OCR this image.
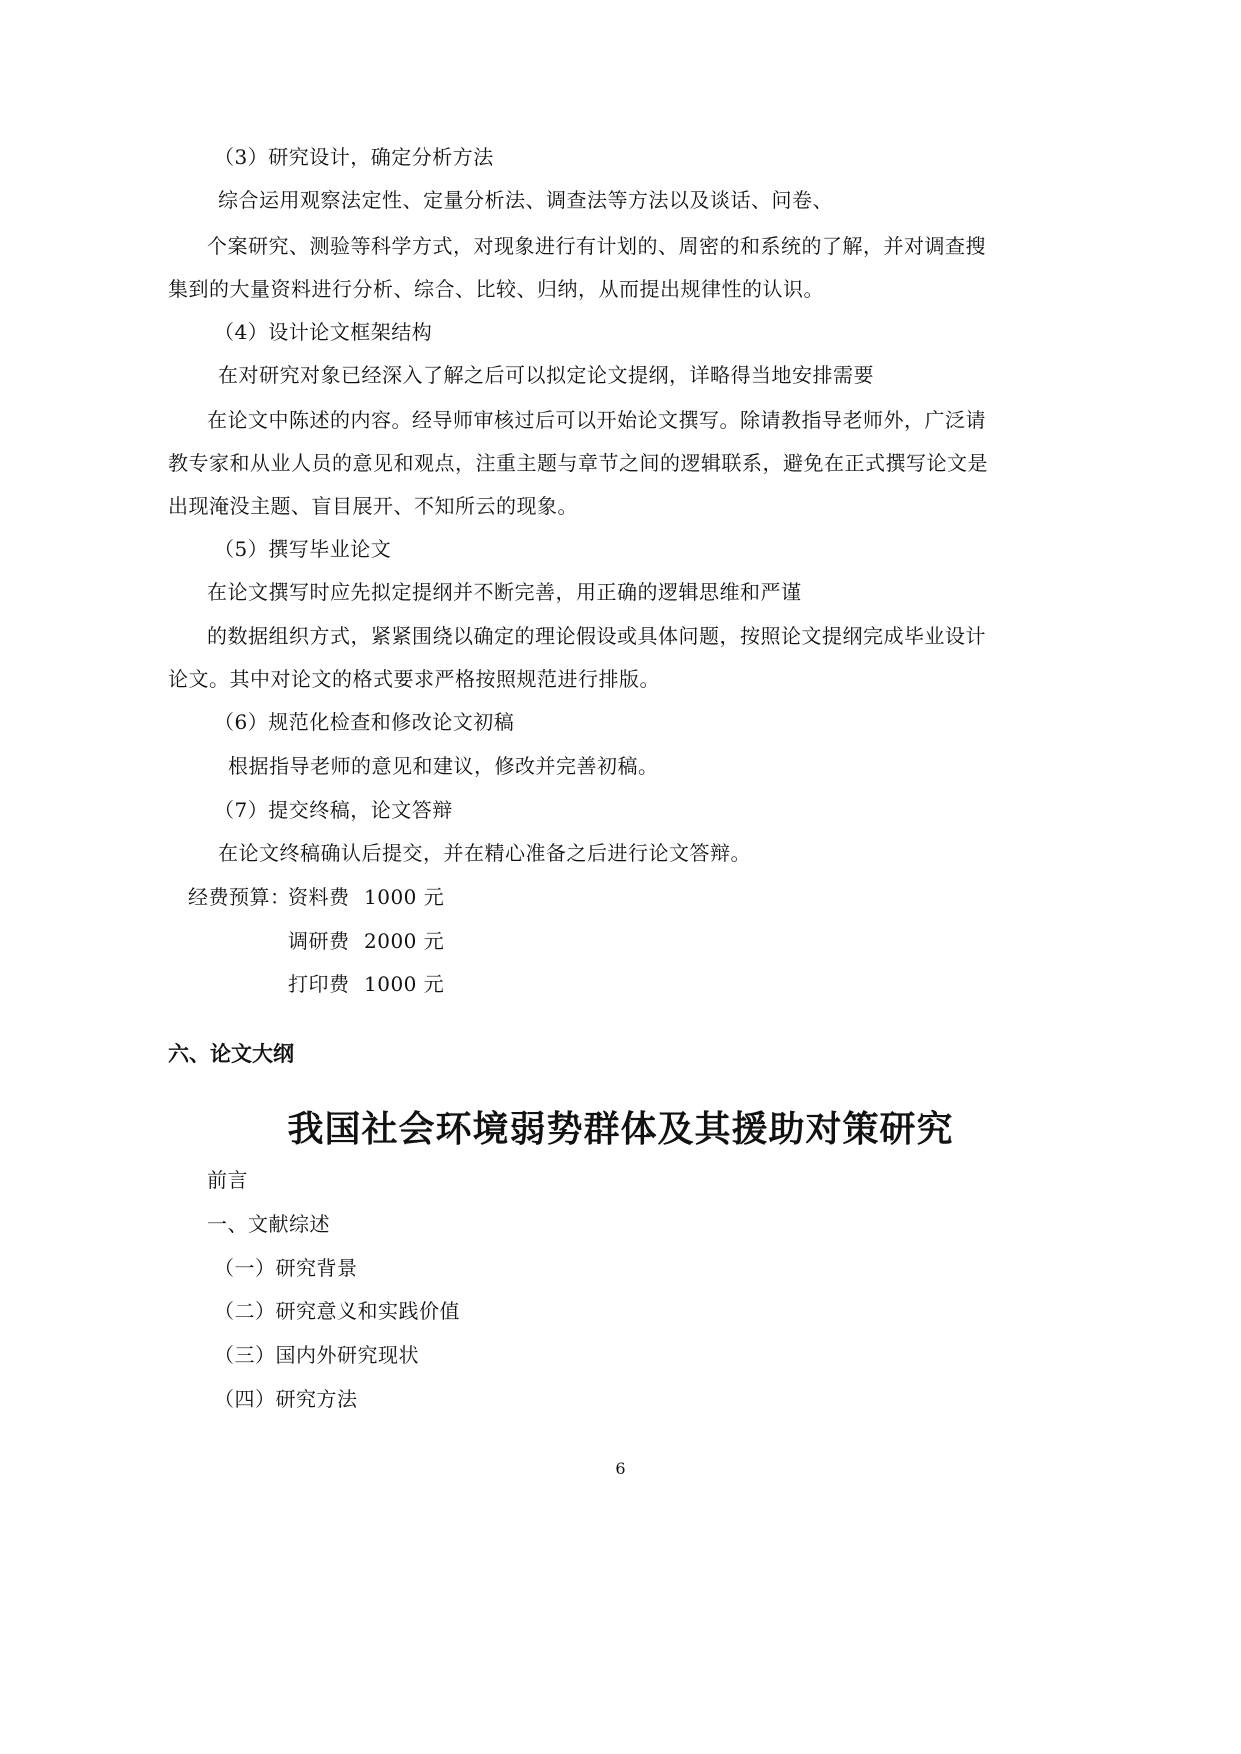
（3）研究设计，确定分析方法
综合运用观察法定性、定量分析法、调查法等方法以及谈话、问卷、
个案研究、测验等科学方式，对现象进行有计划的、周密的和系统的了解，并对调查搜
集到的大量资料进行分析、综合、比较、归纳，从而提出规律性的认识。
（4）设计论文框架结构
在对研究对象已经深入了解之后可以拟定论文提纲，详略得当地安排需要
在论文中陈述的内容。经导师审核过后可以开始论文撰写。除请教指导老师外，广泛请
教专家和从业人员的意见和观点，注重主题与章节之间的逻辑联系，避免在正式撰写论文是
出现淹没主题、盲目展开、不知所云的现象。
（5）撰写毕业论文
在论文撰写时应先拟定提纲并不断完善，用正确的逻辑思维和严谨
的数据组织方式，紧紧围绕以确定的理论假设或具体问题，按照论文提纲完成毕业设计
论文。其中对论文的格式要求严格按照规范进行排版。
（6）规范化检查和修改论文初稿
根据指导老师的意见和建议，修改并完善初稿。
（7）提交终稿，论文答辩
在论文终稿确认后提交，并在精心准备之后进行论文答辩。
经费预算：
资料费 1000 元
调研费 2000 元
打印费 1000 元
六、论文大纲
我国社会环境弱势群体及其援助对策研究
前言
一、文献综述
（一）研究背景
（二）研究意义和实践价值
（三）国内外研究现状
（四）研究方法
6
